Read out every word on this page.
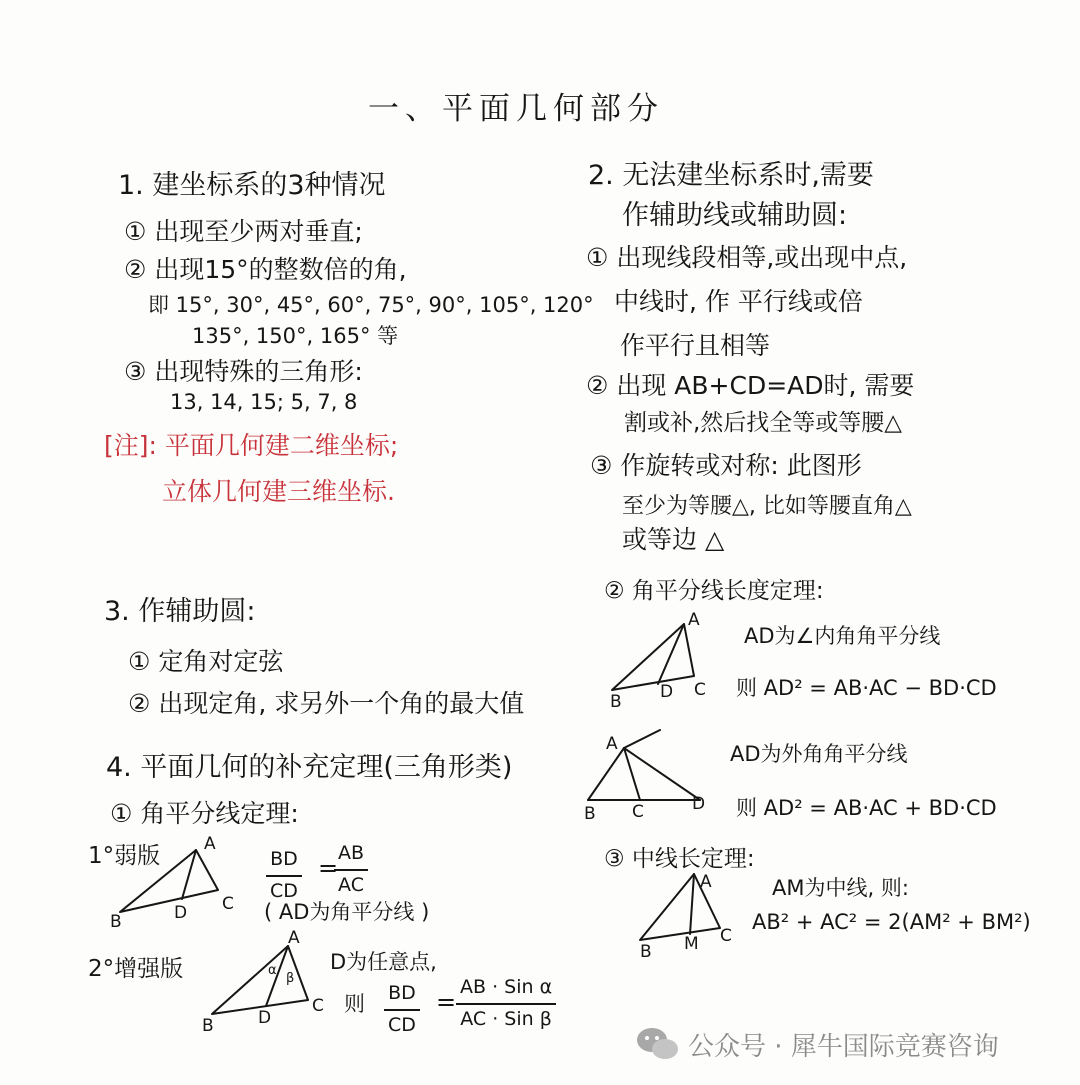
一、平面几何部分
1. 建坐标系的3种情况
① 出现至少两对垂直;
② 出现15°的整数倍的角,
即 15°, 30°, 45°, 60°, 75°, 90°, 105°, 120°
135°, 150°, 165° 等
③ 出现特殊的三角形:
13, 14, 15; 5, 7, 8
[注]: 平面几何建二维坐标;
立体几何建三维坐标.
3. 作辅助圆:
① 定角对定弦
② 出现定角, 求另外一个角的最大值
4. 平面几何的补充定理(三角形类)
① 角平分线定理:
1°弱版	A
B
C
D
$\frac{BD}{CD}$ =
$\frac{AB}{AC}$
( AD为角平分线 )
2°增强版
A
B
C
D
α
β
D为任意点,
则 $\frac{BD}{CD}$ =
AB · Sin α
AC · Sin β
2. 无法建坐标系时,需要
作辅助线或辅助圆:
① 出现线段相等,或出现中点,
中线时, 作 平行线或倍
作平行且相等
② 出现 AB+CD=AD时, 需要
割或补,然后找全等或等腰△
③ 作旋转或对称: 此图形
至少为等腰△, 比如等腰直角△
或等边 △
② 角平分线长度定理:
A
B
C
D
AD为∠内角角平分线
则 AD² = AB·AC − BD·CD
A
B C	D
AD为外角角平分线
则 AD² = AB·AC + BD·CD
③ 中线长定理:
A
B
C
M
AM为中线, 则:
AB² + AC² = 2(AM² + BM²)
公众号 · 犀牛国际竞赛咨询
